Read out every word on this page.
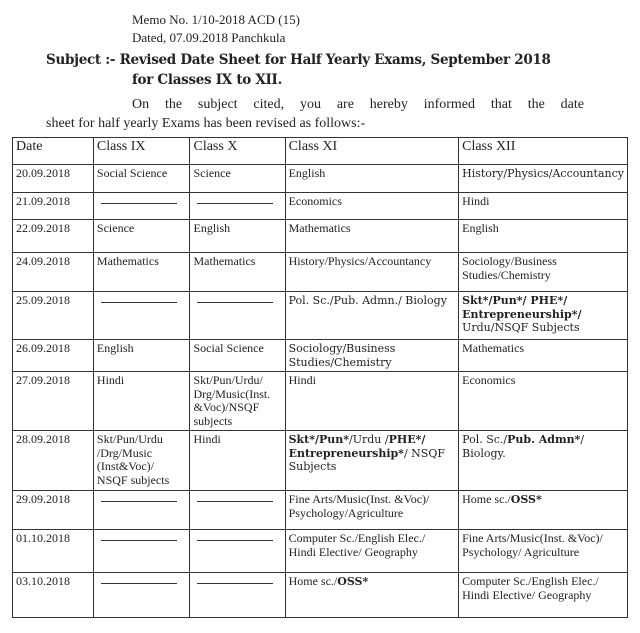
Memo No. 1/10-2018 ACD (15)
Dated, 07.09.2018 Panchkula
Subject :- Revised Date Sheet for Half Yearly Exams, September 2018
for Classes IX to XII.
On the subject cited, you are hereby informed that the date
sheet for half yearly Exams has been revised as follows:-
Date	Class IX	Class X	Class XI	Class XII
20.09.2018	Social Science	Science	English	History/Physics/Accountancy
21.09.2018			Economics	Hindi
22.09.2018	Science	English	Mathematics	English
24.09.2018	Mathematics	Mathematics	History/Physics/Accountancy	Sociology/Business Studies/Chemistry
25.09.2018			Pol. Sc./Pub. Admn./ Biology	Skt*/Pun*/ PHE*/ Entrepreneurship*/ Urdu/NSQF Subjects
26.09.2018	English	Social Science	Sociology/Business Studies/Chemistry	Mathematics
27.09.2018	Hindi	Skt/Pun/Urdu/ Drg/Music(Inst. &Voc)/NSQF subjects	Hindi	Economics
28.09.2018	Skt/Pun/Urdu /Drg/Music (Inst&Voc)/ NSQF subjects	Hindi	Skt*/Pun*/Urdu /PHE*/ Entrepreneurship*/ NSQF Subjects	Pol. Sc./Pub. Admn*/ Biology.
29.09.2018			Fine Arts/Music(Inst. &Voc)/ Psychology/Agriculture	Home sc./OSS*
01.10.2018			Computer Sc./English Elec./ Hindi Elective/ Geography	Fine Arts/Music(Inst. &Voc)/ Psychology/ Agriculture
03.10.2018			Home sc./OSS*	Computer Sc./English Elec./ Hindi Elective/ Geography
